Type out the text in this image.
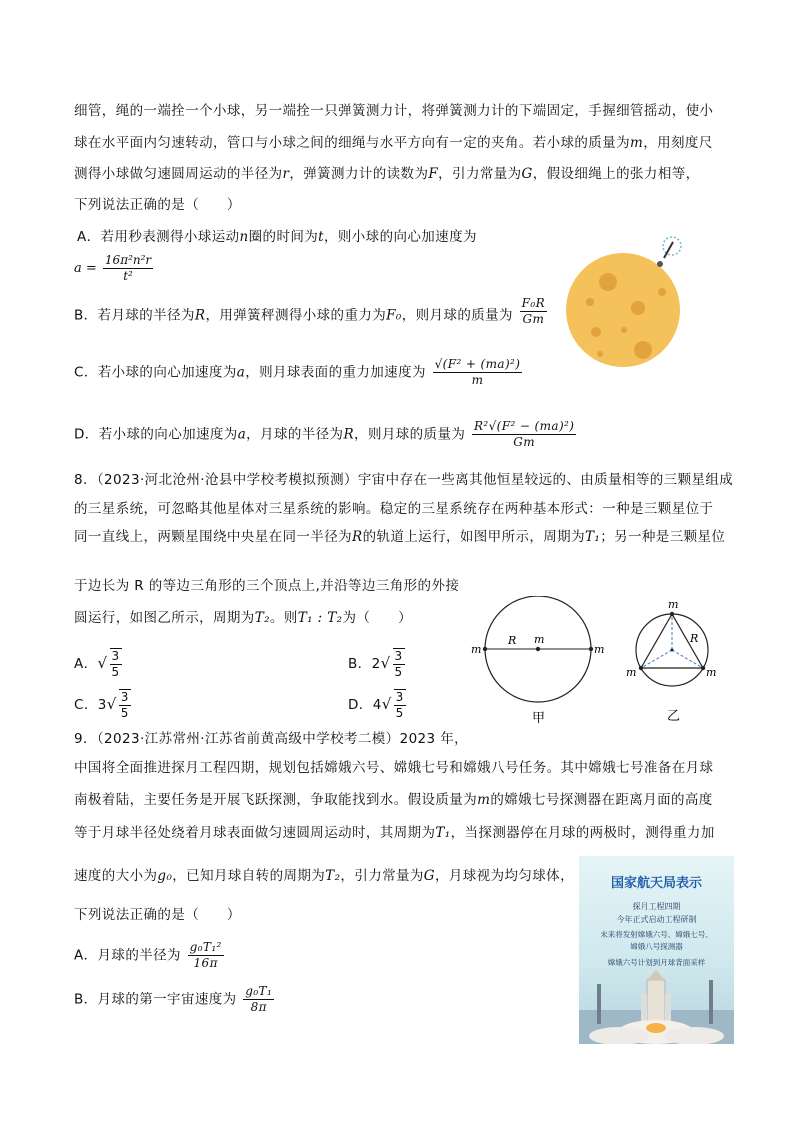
细管，绳的一端拴一个小球，另一端拴一只弹簧测力计，将弹簧测力计的下端固定，手握细管摇动，使小
球在水平面内匀速转动，管口与小球之间的细绳与水平方向有一定的夹角。若小球的质量为m，用刻度尺
测得小球做匀速圆周运动的半径为r，弹簧测力计的读数为F，引力常量为G，假设细绳上的张力相等，
下列说法正确的是（　　）
A．若用秒表测得小球运动n圈的时间为t，则小球的向心加速度为
$a = \frac{\text{16π²n²r}}{\text{t²}}$
B．若月球的半径为R，用弹簧秤测得小球的重力为F₀，则月球的质量为 $\frac{\text{F₀R}}{Gm}$
C．若小球的向心加速度为a，则月球表面的重力加速度为 $\frac{\text{√(F² + (ma)²)}}{m}$
D．若小球的向心加速度为a，月球的半径为R，则月球的质量为 $\frac{\text{R²√(F² − (ma)²)}}{Gm}$
8．（2023·河北沧州·沧县中学校考模拟预测）宇宙中存在一些离其他恒星较远的、由质量相等的三颗星组成
的三星系统，可忽略其他星体对三星系统的影响。稳定的三星系统存在两种基本形式：一种是三颗星位于
同一直线上，两颗星围绕中央星在同一半径为R的轨道上运行，如图甲所示，周期为T₁；另一种是三颗星位
于边长为 R 的等边三角形的三个顶点上,并沿等边三角形的外接
圆运行，如图乙所示，周期为T₂。则T₁ : T₂为（　　）
A．√ $\frac{3}{5}$	B．$2√ \frac{3}{5}$
C．$3√ \frac{3}{5}$	D．$4√ \frac{3}{5}$
m	m
m
R
甲
m
m	m
R
乙
9．（2023·江苏常州·江苏省前黄高级中学校考二模）2023 年，
中国将全面推进探月工程四期，规划包括嫦娥六号、嫦娥七号和嫦娥八号任务。其中嫦娥七号准备在月球
南极着陆，主要任务是开展飞跃探测，争取能找到水。假设质量为m的嫦娥七号探测器在距离月面的高度
等于月球半径处绕着月球表面做匀速圆周运动时，其周期为T₁，当探测器停在月球的两极时，测得重力加
速度的大小为g₀，已知月球自转的周期为T₂，引力常量为G，月球视为均匀球体，
下列说法正确的是（　　）
A．月球的半径为 $\frac{\text{g₀T₁²}}{16\pi}$
B．月球的第一宇宙速度为 $\frac{\text{g₀T₁}}{8\pi}$
国家航天局表示
探月工程四期
今年正式启动工程研制
未来将发射嫦娥六号、嫦娥七号、
嫦娥八号探测器
嫦娥六号计划到月球背面采样
